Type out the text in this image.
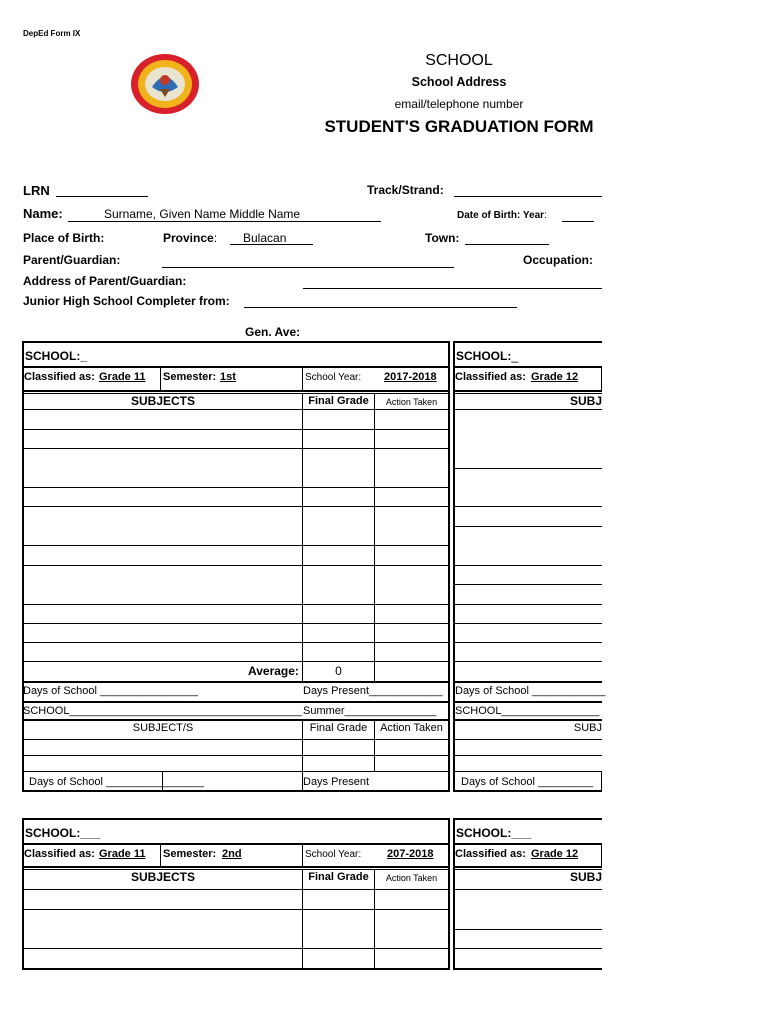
DepEd Form IX
SCHOOL
School Address
email/telephone number
STUDENT'S GRADUATION FORM
LRN	Track/Strand:
Name:	Surname, Given Name Middle Name	Date of Birth: Year:
Place of Birth:	Province: Bulacan	Town:
Parent/Guardian:	Occupation:
Address of Parent/Guardian:
Junior High School Completer from:
Gen. Ave:
SCHOOL:_
Classified as: Grade 11 Semester: 1st	School Year: 2017-2018
SUBJECTS	Final Grade	Action Taken
Average:	0
Days of School ________________	Days Present____________
SCHOOL______________________________________ Summer_______________
SUBJECT/S	Final Grade	Action Taken
Days of School ________________	Days Present
SCHOOL:_
Classified as: Grade 12
SUBJ
Days of School ____________
SCHOOL________________
SUBJ
Days of School _________
SCHOOL:___
Classified as: Grade 11 Semester: 2nd	School Year: 207-2018
SUBJECTS	Final Grade	Action Taken
SCHOOL:___
Classified as: Grade 12
SUBJ
